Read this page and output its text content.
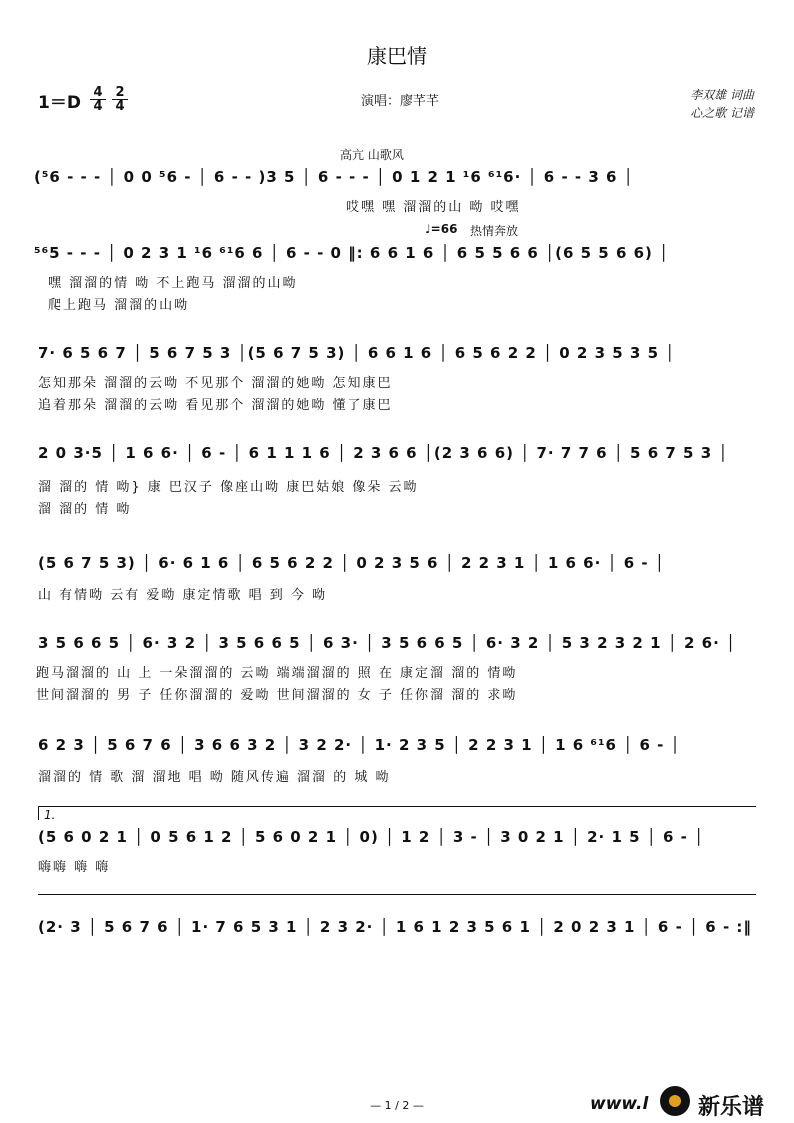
康巴情
$1=D \frac{4}{4} \frac{2}{4}$	演唱：廖芊芊	李双雄 词曲
心之歌 记谱
高亢 山歌风
♩=66 热情奔放
(⁵6 - - - │ 0 0 ⁵6 - │ 6 - - )3 5 │ 6 - - - │ 0 1 2 1 ¹6 ⁶¹6· │ 6 - - 3 6 │
哎嘿 嘿 溜溜的山 呦 哎嘿
⁵⁶5 - - - │ 0 2 3 1 ¹6 ⁶¹6 6 │ 6 - - 0 ‖: 6 6 1 6 │ 6 5 5 6 6 │(6 5 5 6 6) │
嘿 溜溜的情 呦 不上跑马 溜溜的山呦
爬上跑马 溜溜的山呦
7· 6 5 6 7 │ 5 6 7 5 3 │(5 6 7 5 3) │ 6 6 1 6 │ 6 5 6 2 2 │ 0 2 3 5 3 5 │
怎知那朵 溜溜的云呦 不见那个 溜溜的她呦 怎知康巴
追着那朵 溜溜的云呦 看见那个 溜溜的她呦 懂了康巴
2 0 3·5 │ 1 6 6· │ 6 - │ 6 1 1 1 6 │ 2 3 6 6 │(2 3 6 6) │ 7· 7 7 6 │ 5 6 7 5 3 │
溜 溜的 情 呦} 康 巴汉子 像座山呦 康巴姑娘 像朵 云呦
溜 溜的 情 呦
(5 6 7 5 3) │ 6· 6 1 6 │ 6 5 6 2 2 │ 0 2 3 5 6 │ 2 2 3 1 │ 1 6 6· │ 6 - │
山 有情呦 云有 爱呦 康定情歌 唱 到 今 呦
3 5 6 6 5 │ 6· 3 2 │ 3 5 6 6 5 │ 6 3· │ 3 5 6 6 5 │ 6· 3 2 │ 5 3 2 3 2 1 │ 2 6· │
跑马溜溜的 山 上 一朵溜溜的 云呦 端端溜溜的 照 在 康定溜 溜的 情呦
世间溜溜的 男 子 任你溜溜的 爱呦 世间溜溜的 女 子 任你溜 溜的 求呦
6 2 3 │ 5 6 7 6 │ 3 6 6 3 2 │ 3 2 2· │ 1· 2 3 5 │ 2 2 3 1 │ 1 6 ⁶¹6 │ 6 - │
溜溜的 情 歌 溜 溜地 唱 呦 随风传遍 溜溜 的 城 呦
1.
(5 6 0 2 1 │ 0 5 6 1 2 │ 5 6 0 2 1 │ 0) │ 1 2 │ 3 - │ 3 0 2 1 │ 2· 1 5 │ 6 - │
嗨嗨 嗨 嗨
(2· 3 │ 5 6 7 6 │ 1· 7 6 5 3 1 │ 2 3 2· │ 1 6 1 2 3 5 6 1 │ 2 0 2 3 1 │ 6 - │ 6 - :‖
— 1 / 2 —	www.l 新乐谱
